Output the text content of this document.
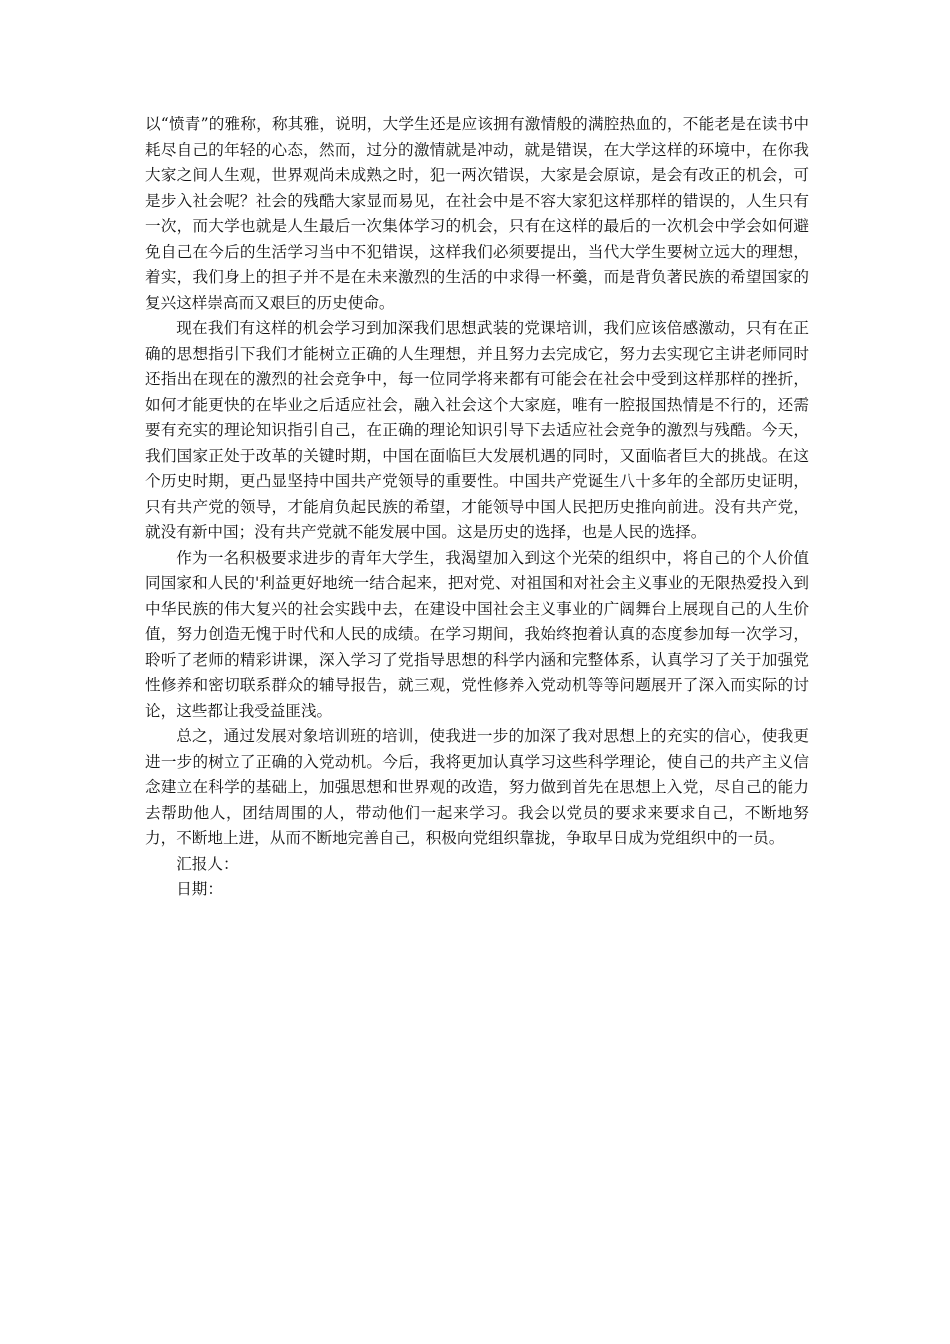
以“愤青”的雅称，称其雅，说明，大学生还是应该拥有激情般的满腔热血的，不能老是在读书中耗尽自己的年轻的心态，然而，过分的激情就是冲动，就是错误，在大学这样的环境中，在你我大家之间人生观，世界观尚未成熟之时，犯一两次错误，大家是会原谅，是会有改正的机会，可是步入社会呢？社会的残酷大家显而易见，在社会中是不容大家犯这样那样的错误的，人生只有一次，而大学也就是人生最后一次集体学习的机会，只有在这样的最后的一次机会中学会如何避免自己在今后的生活学习当中不犯错误，这样我们必须要提出，当代大学生要树立远大的理想，着实，我们身上的担子并不是在未来激烈的生活的中求得一杯羹，而是背负著民族的希望国家的复兴这样崇高而又艰巨的历史使命。

现在我们有这样的机会学习到加深我们思想武装的党课培训，我们应该倍感激动，只有在正确的思想指引下我们才能树立正确的人生理想，并且努力去完成它，努力去实现它主讲老师同时还指出在现在的激烈的社会竞争中，每一位同学将来都有可能会在社会中受到这样那样的挫折，如何才能更快的在毕业之后适应社会，融入社会这个大家庭，唯有一腔报国热情是不行的，还需要有充实的理论知识指引自己，在正确的理论知识引导下去适应社会竞争的激烈与残酷。今天，我们国家正处于改革的关键时期，中国在面临巨大发展机遇的同时，又面临者巨大的挑战。在这个历史时期，更凸显坚持中国共产党领导的重要性。中国共产党诞生八十多年的全部历史证明，只有共产党的领导，才能肩负起民族的希望，才能领导中国人民把历史推向前进。没有共产党，就没有新中国；没有共产党就不能发展中国。这是历史的选择，也是人民的选择。

作为一名积极要求进步的青年大学生，我渴望加入到这个光荣的组织中，将自己的个人价值同国家和人民的'利益更好地统一结合起来，把对党、对祖国和对社会主义事业的无限热爱投入到中华民族的伟大复兴的社会实践中去，在建设中国社会主义事业的广阔舞台上展现自己的人生价值，努力创造无愧于时代和人民的成绩。在学习期间，我始终抱着认真的态度参加每一次学习，聆听了老师的精彩讲课，深入学习了党指导思想的科学内涵和完整体系，认真学习了关于加强党性修养和密切联系群众的辅导报告，就三观，党性修养入党动机等等问题展开了深入而实际的讨论，这些都让我受益匪浅。

总之，通过发展对象培训班的培训，使我进一步的加深了我对思想上的充实的信心，使我更进一步的树立了正确的入党动机。今后，我将更加认真学习这些科学理论，使自己的共产主义信念建立在科学的基础上，加强思想和世界观的改造，努力做到首先在思想上入党，尽自己的能力去帮助他人，团结周围的人，带动他们一起来学习。我会以党员的要求来要求自己，不断地努力，不断地上进，从而不断地完善自己，积极向党组织靠拢，争取早日成为党组织中的一员。

汇报人：

日期：
